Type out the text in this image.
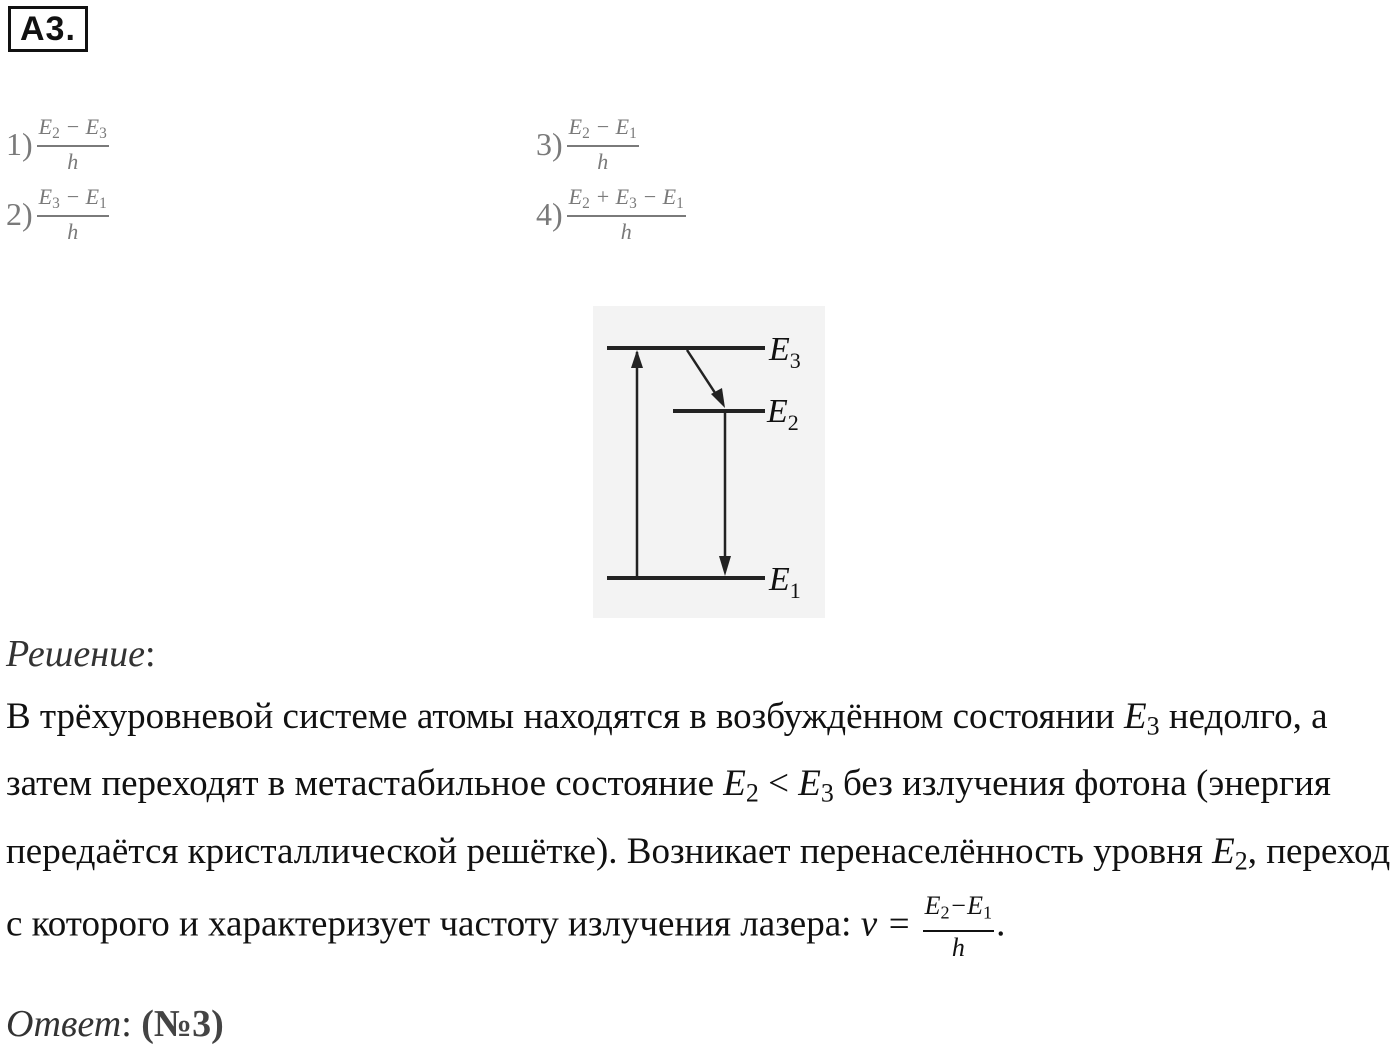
А3.
$1) \frac{E_2 - E_3}{h}$
$2) \frac{E_3 - E_1}{h}$
$3) \frac{E_2 - E_1}{h}$
$4) \frac{E_2 + E_3 - E_1}{h}$
$E_3$
$E_2$
$E_1$
Решение:
В трёхуровневой системе атомы находятся в возбуждённом состоянии $E_3$ недолго, а затем переходят в метастабильное состояние $E_2 < E_3$ без излучения фотона (энергия передаётся кристаллической решётке). Возникает перенаселённость уровня $E_2$, переход с которого и характеризует частоту излучения лазера: $\nu = \frac{E_2-E_1}{h}$ .
Ответ: (№3)
